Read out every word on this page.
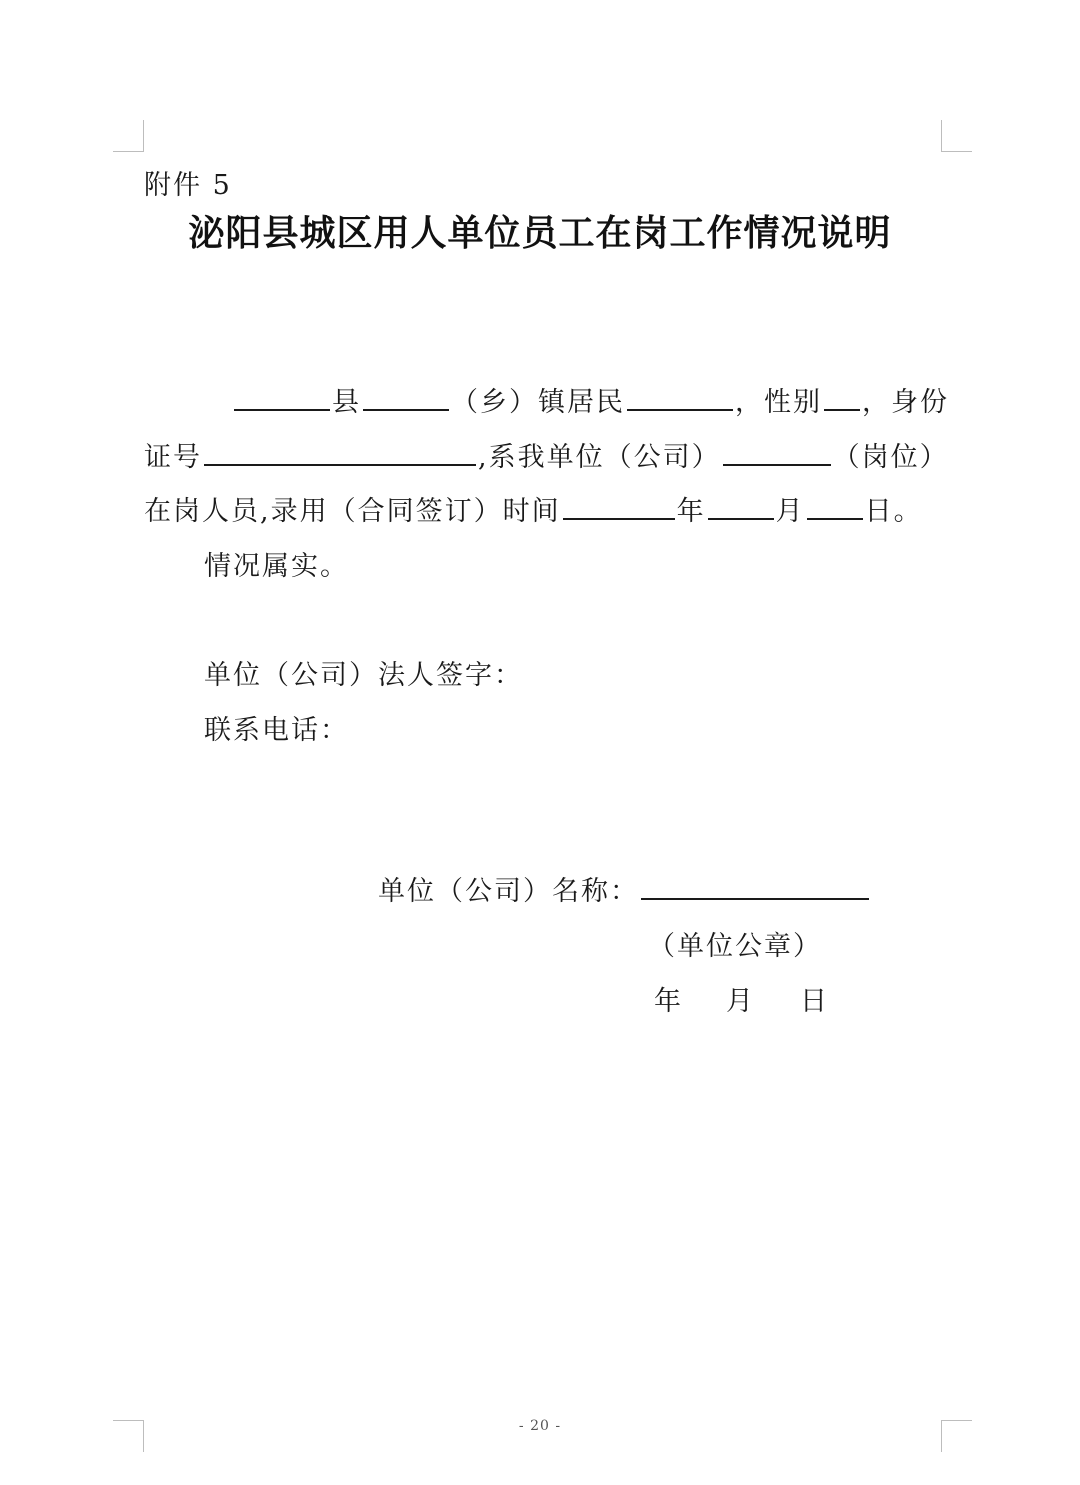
附件 5
泌阳县城区用人单位员工在岗工作情况说明
县	（乡）镇居民	，性别 ，身份
证号	,系我单位（公司）	（岗位）
在岗人员,录用（合同签订）时间	年	月 日。
情况属实。
单位（公司）法人签字：
联系电话：
单位（公司）名称：
（单位公章）
年 月 日
- 20 -
